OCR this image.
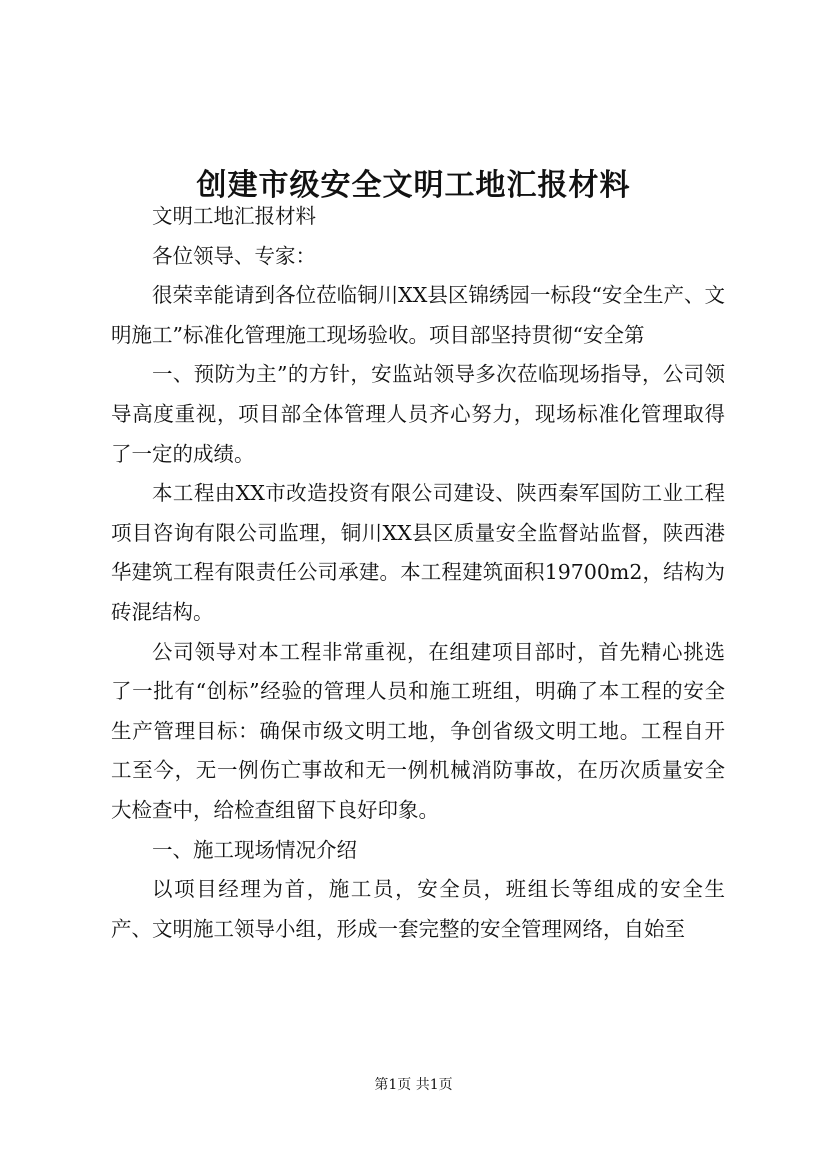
创建市级安全文明工地汇报材料

文明工地汇报材料

各位领导、专家：

很荣幸能请到各位莅临铜川XX县区锦绣园一标段“安全生产、文明施工”标准化管理施工现场验收。项目部坚持贯彻“安全第

一、预防为主”的方针，安监站领导多次莅临现场指导，公司领导高度重视，项目部全体管理人员齐心努力，现场标准化管理取得了一定的成绩。

本工程由XX市改造投资有限公司建设、陕西秦军国防工业工程项目咨询有限公司监理，铜川XX县区质量安全监督站监督，陕西港华建筑工程有限责任公司承建。本工程建筑面积19700m2，结构为砖混结构。

公司领导对本工程非常重视，在组建项目部时，首先精心挑选了一批有“创标”经验的管理人员和施工班组，明确了本工程的安全生产管理目标：确保市级文明工地，争创省级文明工地。工程自开工至今，无一例伤亡事故和无一例机械消防事故，在历次质量安全大检查中，给检查组留下良好印象。

一、施工现场情况介绍

以项目经理为首，施工员，安全员，班组长等组成的安全生产、文明施工领导小组，形成一套完整的安全管理网络，自始至

第1页 共1页
